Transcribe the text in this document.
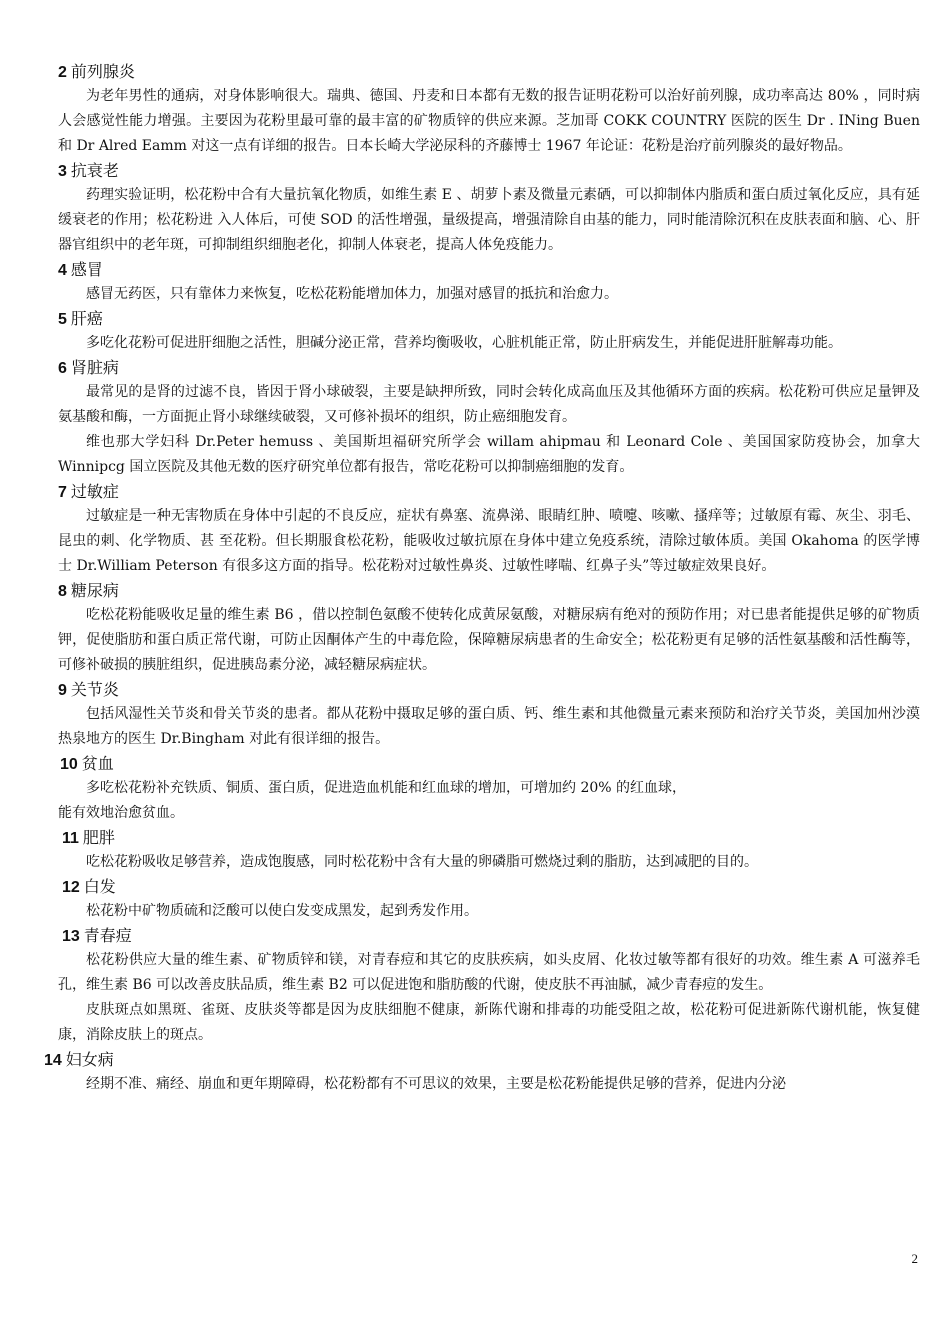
2 前列腺炎

为老年男性的通病，对身体影响很大。瑞典、德国、丹麦和日本都有无数的报告证明花粉可以治好前列腺，成功率高达 80% ，同时病人会感觉性能力增强。主要因为花粉里最可靠的最丰富的矿物质锌的供应来源。芝加哥 COKK COUNTRY 医院的医生 Dr . INing Buen 和 Dr Alred Eamm 对这一点有详细的报告。日本长崎大学泌尿科的齐藤博士 1967 年论证：花粉是治疗前列腺炎的最好物品。

3 抗衰老

药理实验证明，松花粉中合有大量抗氧化物质，如维生素 E 、胡萝卜素及微量元素硒，可以抑制体内脂质和蛋白质过氧化反应，具有延缓衰老的作用；松花粉进 入人体后，可使 SOD 的活性增强，量级提高，增强清除自由基的能力，同时能清除沉积在皮肤表面和脑、心、肝器官组织中的老年斑，可抑制组织细胞老化，抑制人体衰老，提高人体免疫能力。

4 感冒

感冒无药医，只有靠体力来恢复，吃松花粉能增加体力，加强对感冒的抵抗和治愈力。

5 肝癌

多吃化花粉可促进肝细胞之活性，胆碱分泌正常，营养均衡吸收，心脏机能正常，防止肝病发生，并能促进肝脏解毒功能。

6 肾脏病

最常见的是肾的过滤不良，皆因于肾小球破裂，主要是缺押所致，同时会转化成高血压及其他循环方面的疾病。松花粉可供应足量钾及氨基酸和酶，一方面扼止肾小球继续破裂，又可修补损坏的组织，防止癌细胞发育。

维也那大学妇科 Dr.Peter hemuss 、美国斯坦福研究所学会 willam ahipmau 和 Leonard Cole 、美国国家防疫协会，加拿大 Winnipcg 国立医院及其他无数的医疗研究单位都有报告，常吃花粉可以抑制癌细胞的发育。

7 过敏症

过敏症是一种无害物质在身体中引起的不良反应，症状有鼻塞、流鼻涕、眼睛红肿、喷嚏、咳嗽、搔痒等；过敏原有霉、灰尘、羽毛、昆虫的刺、化学物质、甚 至花粉。但长期服食松花粉，能吸收过敏抗原在身体中建立免疫系统，清除过敏体质。美国 Okahoma 的医学博士 Dr.William Peterson 有很多这方面的指导。松花粉对过敏性鼻炎、过敏性哮喘、红鼻子头”等过敏症效果良好。

8 糖尿病

吃松花粉能吸收足量的维生素 B6 ，借以控制色氨酸不使转化成黄尿氨酸，对糖尿病有绝对的预防作用；对已患者能提供足够的矿物质钾，促使脂肪和蛋白质正常代谢，可防止因酮体产生的中毒危险，保障糖尿病患者的生命安全；松花粉更有足够的活性氨基酸和活性酶等，可修补破损的胰脏组织，促进胰岛素分泌，减轻糖尿病症状。

9 关节炎

包括风湿性关节炎和骨关节炎的患者。都从花粉中摄取足够的蛋白质、钙、维生素和其他微量元素来预防和治疗关节炎，美国加州沙漠热泉地方的医生 Dr.Bingham 对此有很详细的报告。

10 贫血

多吃松花粉补充铁质、铜质、蛋白质，促进造血机能和红血球的增加，可增加约 20% 的红血球，

能有效地治愈贫血。

11 肥胖

吃松花粉吸收足够营养，造成饱腹感，同时松花粉中含有大量的卵磷脂可燃烧过剩的脂肪，达到减肥的目的。

12 白发

松花粉中矿物质硫和泛酸可以使白发变成黑发，起到秀发作用。

13 青春痘

松花粉供应大量的维生素、矿物质锌和镁，对青春痘和其它的皮肤疾病，如头皮屑、化妆过敏等都有很好的功效。维生素 A 可滋养毛孔，维生素 B6 可以改善皮肤品质，维生素 B2 可以促进饱和脂肪酸的代谢，使皮肤不再油腻，减少青春痘的发生。

皮肤斑点如黑斑、雀斑、皮肤炎等都是因为皮肤细胞不健康，新陈代谢和排毒的功能受阻之故，松花粉可促进新陈代谢机能，恢复健康，消除皮肤上的斑点。

14 妇女病

经期不准、痛经、崩血和更年期障碍，松花粉都有不可思议的效果，主要是松花粉能提供足够的营养，促进内分泌

2
